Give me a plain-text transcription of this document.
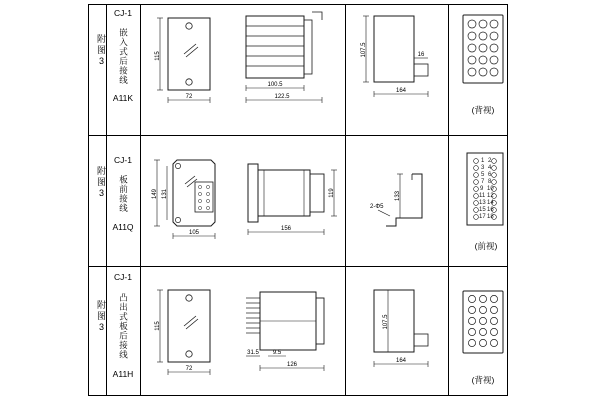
附
图
3
CJ-1
嵌入式后接线
A11K
115
72
100.5
122.5
107.5	16
164
(背视)
附
图
3
CJ-1
板前接线
A11Q
149 131
105
119
156
133
2-Φ5
1 2
3 4
5 6
7 8
9 10
11 12
13 14
15 16
17 18
(前视)
附
图
3
CJ-1
凸出式板后接线
A11H
115
72
31.5 9.5
126
107.5
164
(背视)
